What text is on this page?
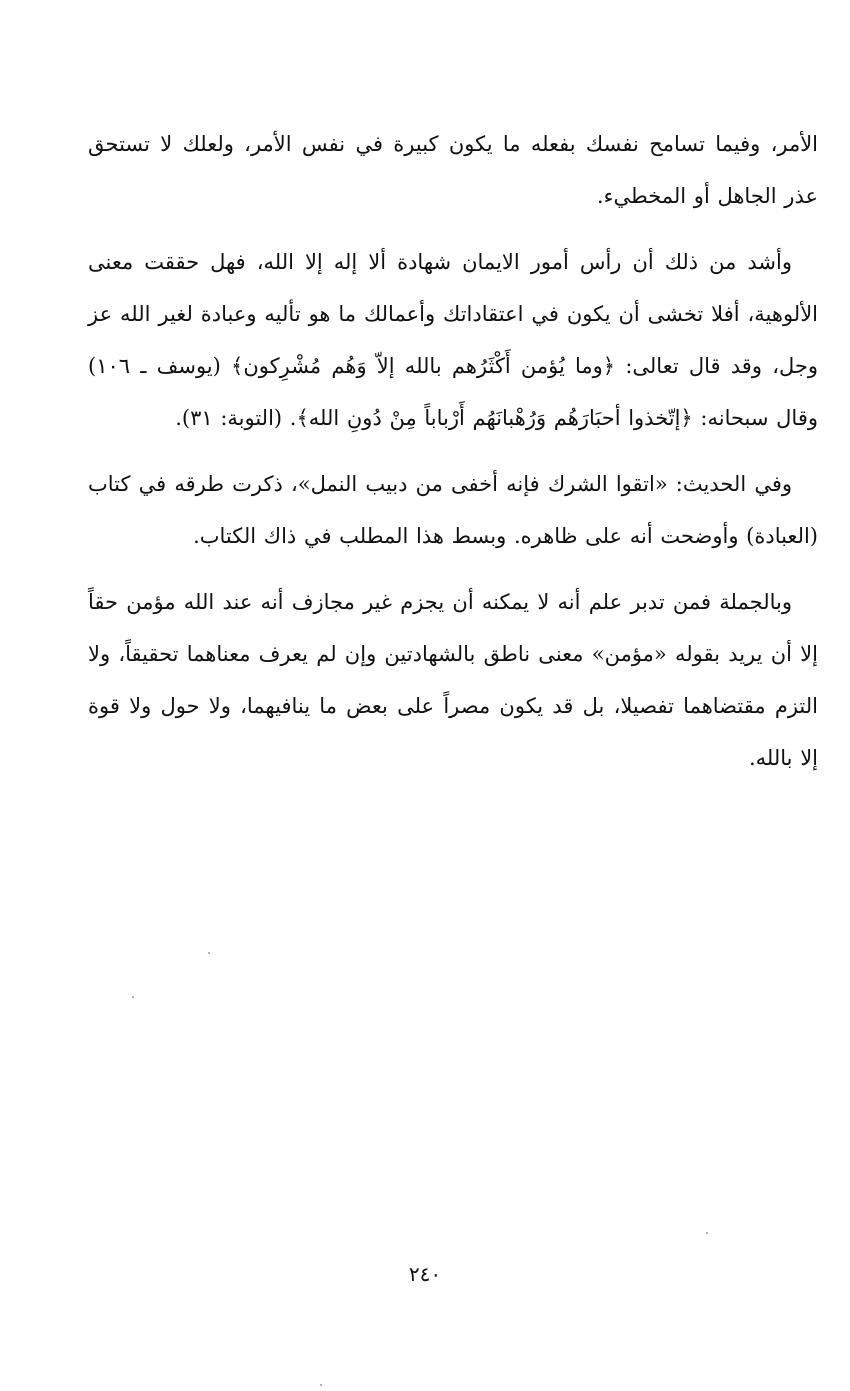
الأمر، وفيما تسامح نفسك بفعله ما يكون كبيرة في نفس الأمر، ولعلك لا تستحق عذر الجاهل أو المخطيء.

وأشد من ذلك أن رأس أمور الايمان شهادة ألا إله إلا الله، فهل حققت معنى الألوهية، أفلا تخشى أن يكون في اعتقاداتك وأعمالك ما هو تأليه وعبادة لغير الله عز وجل، وقد قال تعالى: ﴿وما يُؤمن أَكْثَرُهم بالله إلاّ وَهُم مُشْرِكون﴾ (يوسف ـ ١٠٦) وقال سبحانه: ﴿إتّخذوا أحبَارَهُم وَرُهْبانَهُم أَرْباباً مِنْ دُونِ الله﴾. (التوبة: ٣١).

وفي الحديث: «اتقوا الشرك فإنه أخفى من دبيب النمل»، ذكرت طرقه في كتاب (العبادة) وأوضحت أنه على ظاهره. وبسط هذا المطلب في ذاك الكتاب.

وبالجملة فمن تدبر علم أنه لا يمكنه أن يجزم غير مجازف أنه عند الله مؤمن حقاً إلا أن يريد بقوله «مؤمن» معنى ناطق بالشهادتين وإن لم يعرف معناهما تحقيقاً، ولا التزم مقتضاهما تفصيلا، بل قد يكون مصراً على بعض ما ينافيهما، ولا حول ولا قوة إلا بالله.

٢٤٠
